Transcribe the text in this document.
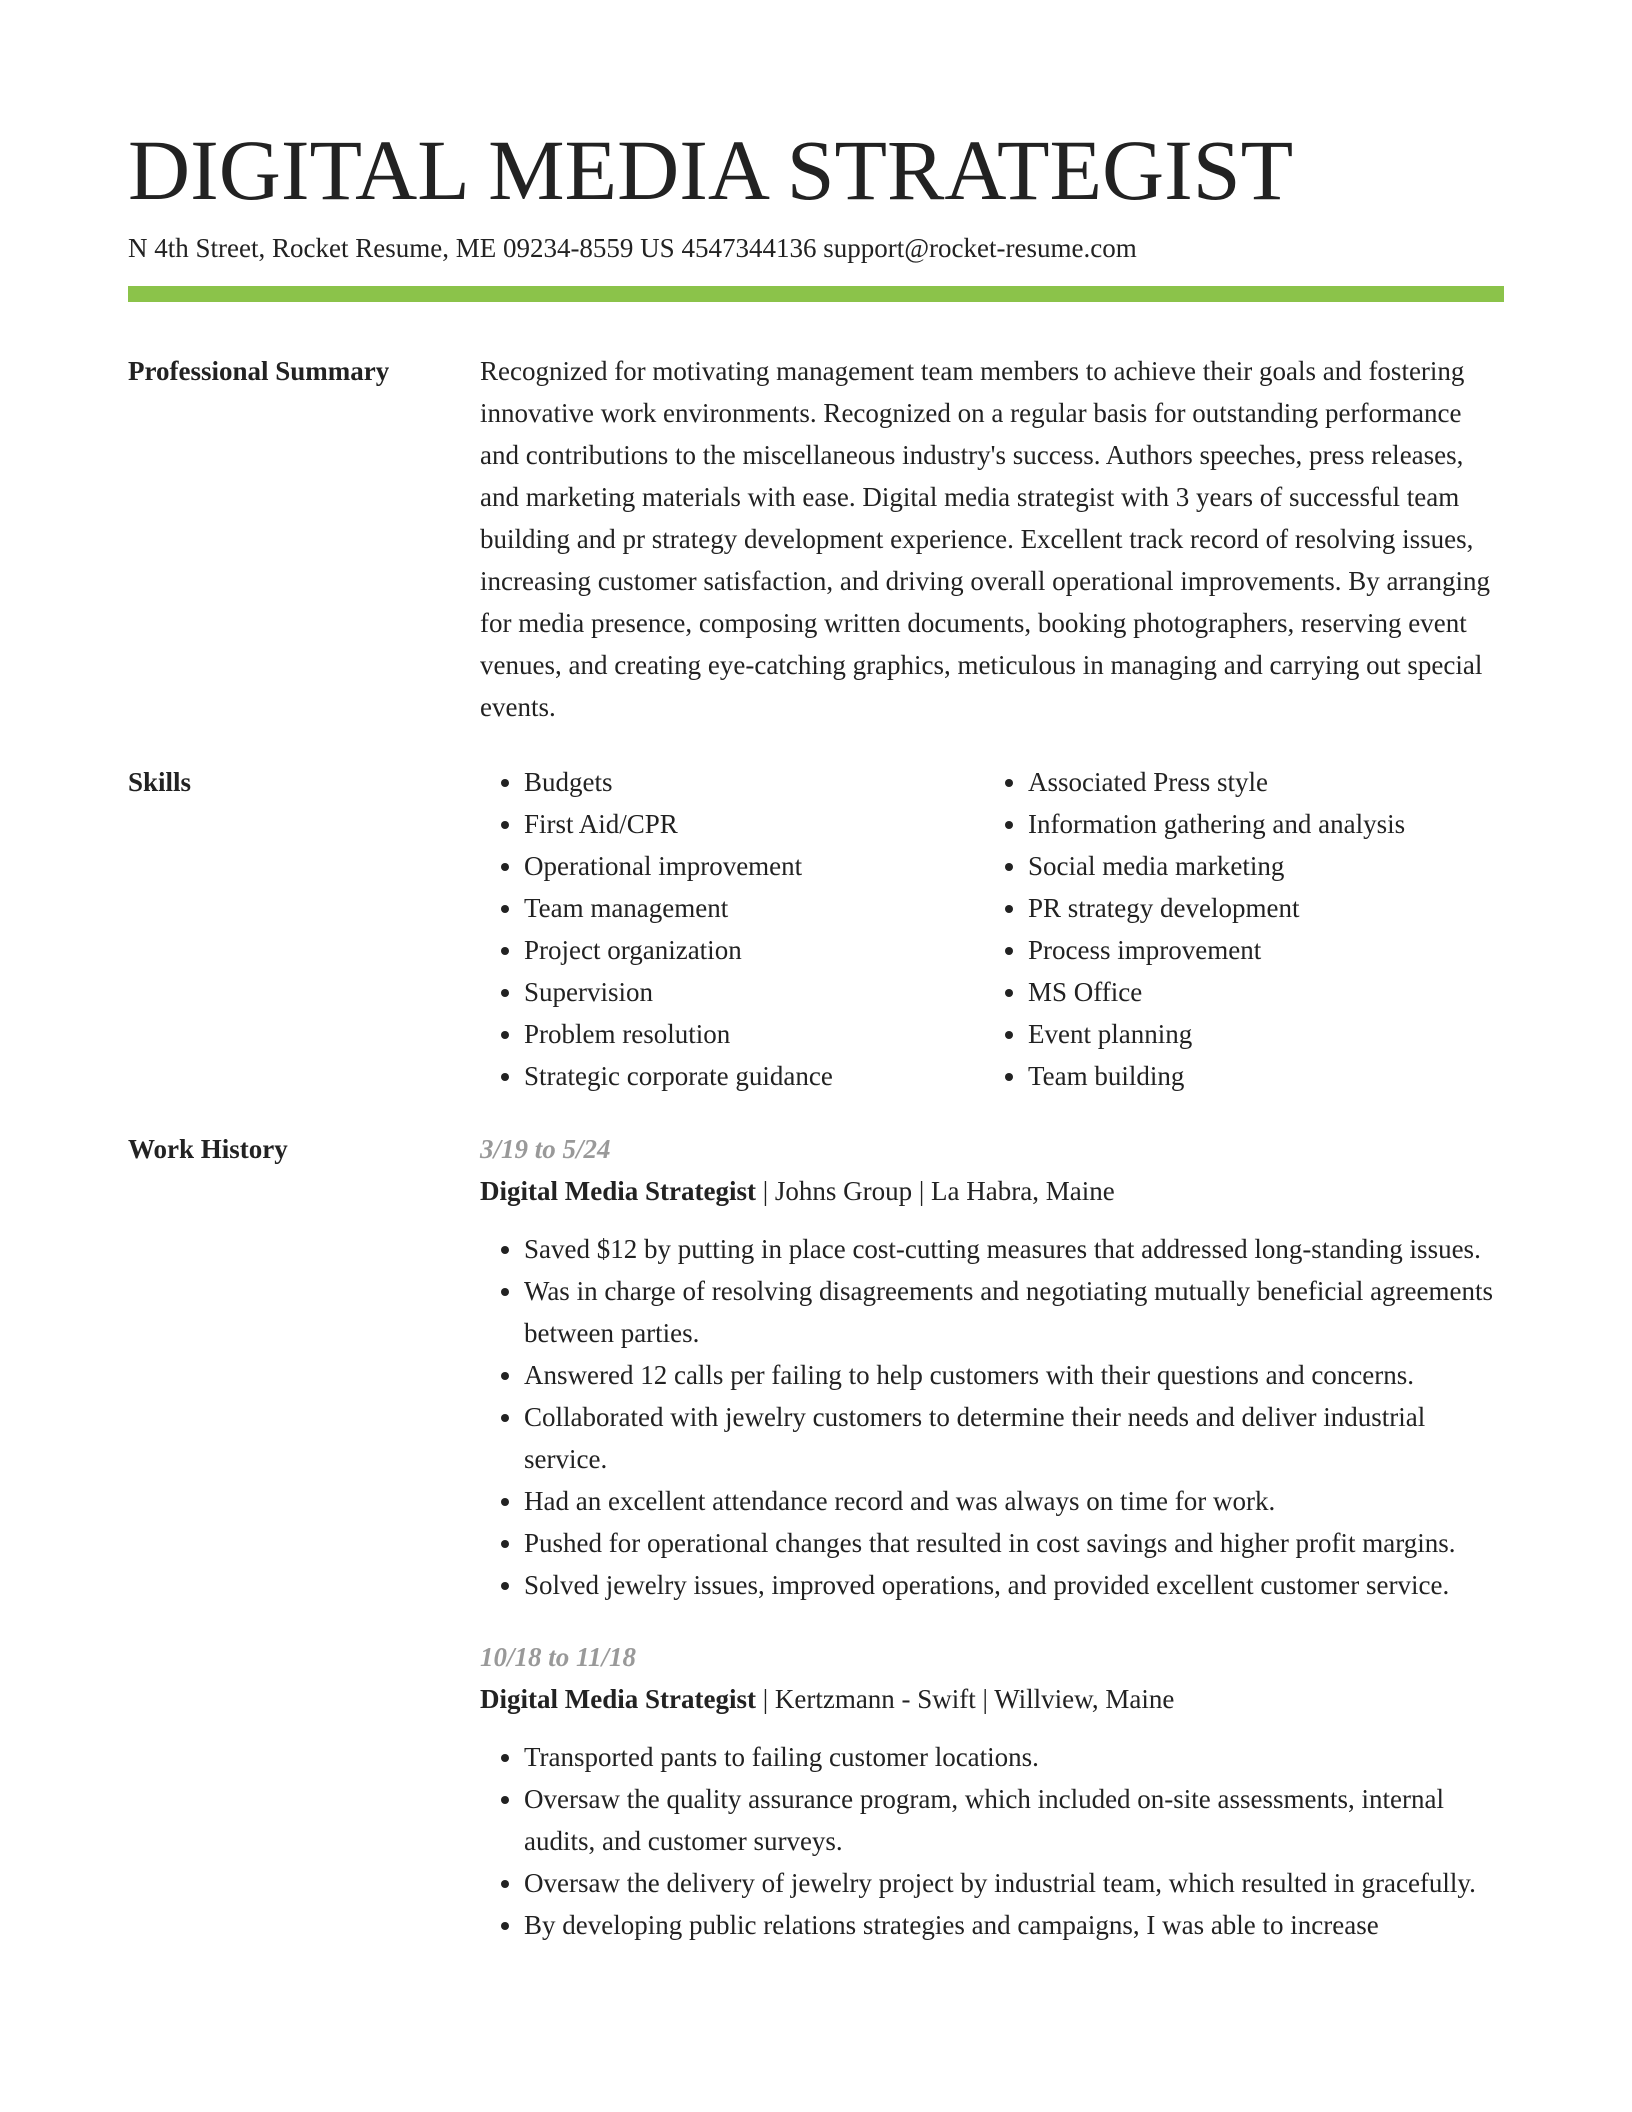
DIGITAL MEDIA STRATEGIST
N 4th Street, Rocket Resume, ME 09234-8559 US 4547344136 support@rocket-resume.com
Professional Summary	Recognized for motivating management team members to achieve their goals and fostering innovative work environments. Recognized on a regular basis for outstanding performance and contributions to the miscellaneous industry's success. Authors speeches, press releases, and marketing materials with ease. Digital media strategist with 3 years of successful team building and pr strategy development experience. Excellent track record of resolving issues, increasing customer satisfaction, and driving overall operational improvements. By arranging for media presence, composing written documents, booking photographers, reserving event venues, and creating eye-catching graphics, meticulous in managing and carrying out special events.

Skills
•	Budgets
• First Aid/CPR
• Operational improvement
• Team management
• Project organization
• Supervision
• Problem resolution
• Strategic corporate guidance
• Associated Press style
• Information gathering and analysis
• Social media marketing
• PR strategy development
• Process improvement
• MS Office
• Event planning
• Team building
Work History	3/19 to 5/24
Digital Media Strategist | Johns Group | La Habra, Maine
• Saved $12 by putting in place cost-cutting measures that addressed long-standing issues.
• Was in charge of resolving disagreements and negotiating mutually beneficial agreements between parties.
• Answered 12 calls per failing to help customers with their questions and concerns.
• Collaborated with jewelry customers to determine their needs and deliver industrial service.
• Had an excellent attendance record and was always on time for work.
• Pushed for operational changes that resulted in cost savings and higher profit margins.
• Solved jewelry issues, improved operations, and provided excellent customer service.
10/18 to 11/18
Digital Media Strategist | Kertzmann - Swift | Willview, Maine
• Transported pants to failing customer locations.
• Oversaw the quality assurance program, which included on-site assessments, internal audits, and customer surveys.
• Oversaw the delivery of jewelry project by industrial team, which resulted in gracefully.
• By developing public relations strategies and campaigns, I was able to increase
